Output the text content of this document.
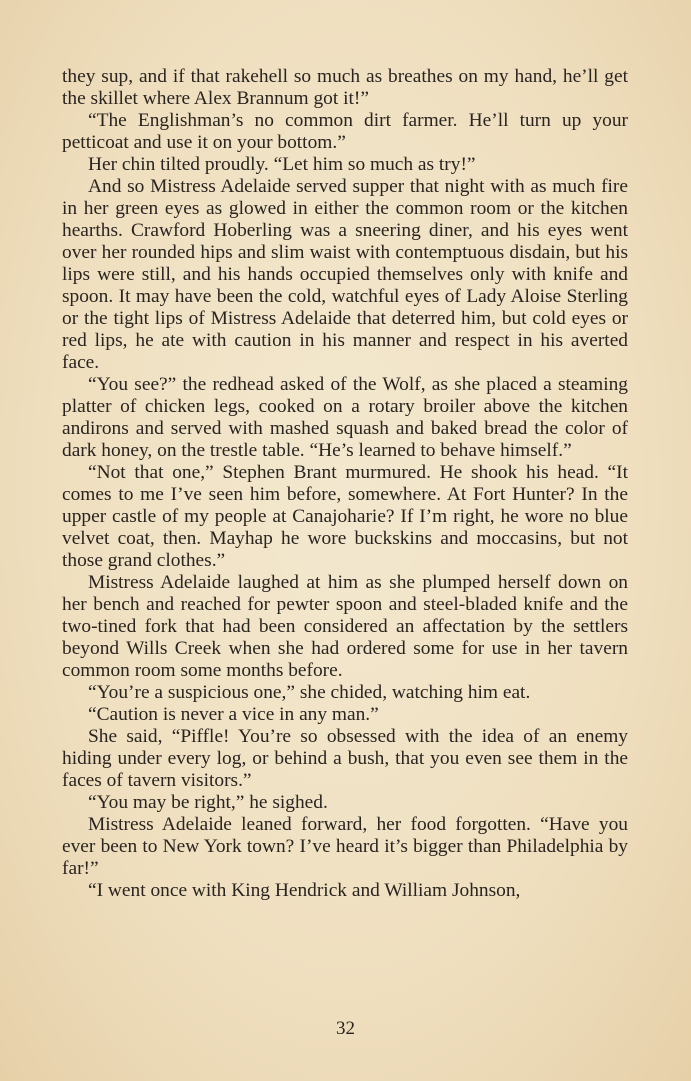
they sup, and if that rakehell so much as breathes on my hand, he’ll get the skillet where Alex Brannum got it!”

“The Englishman’s no common dirt farmer. He’ll turn up your petticoat and use it on your bottom.”

Her chin tilted proudly. “Let him so much as try!”

And so Mistress Adelaide served supper that night with as much fire in her green eyes as glowed in either the common room or the kitchen hearths. Crawford Hoberling was a sneering diner, and his eyes went over her rounded hips and slim waist with contemptuous disdain, but his lips were still, and his hands occupied themselves only with knife and spoon. It may have been the cold, watchful eyes of Lady Aloise Sterling or the tight lips of Mistress Adelaide that deterred him, but cold eyes or red lips, he ate with caution in his manner and respect in his averted face.

“You see?” the redhead asked of the Wolf, as she placed a steaming platter of chicken legs, cooked on a rotary broiler above the kitchen andirons and served with mashed squash and baked bread the color of dark honey, on the trestle table. “He’s learned to behave himself.”

“Not that one,” Stephen Brant murmured. He shook his head. “It comes to me I’ve seen him before, somewhere. At Fort Hunter? In the upper castle of my people at Canajoharie? If I’m right, he wore no blue velvet coat, then. Mayhap he wore buckskins and moccasins, but not those grand clothes.”

Mistress Adelaide laughed at him as she plumped herself down on her bench and reached for pewter spoon and steel-bladed knife and the two-tined fork that had been considered an affectation by the settlers beyond Wills Creek when she had ordered some for use in her tavern common room some months before.

“You’re a suspicious one,” she chided, watching him eat.

“Caution is never a vice in any man.”

She said, “Piffle! You’re so obsessed with the idea of an enemy hiding under every log, or behind a bush, that you even see them in the faces of tavern visitors.”

“You may be right,” he sighed.

Mistress Adelaide leaned forward, her food forgotten. “Have you ever been to New York town? I’ve heard it’s bigger than Philadelphia by far!”

“I went once with King Hendrick and William Johnson,

32
